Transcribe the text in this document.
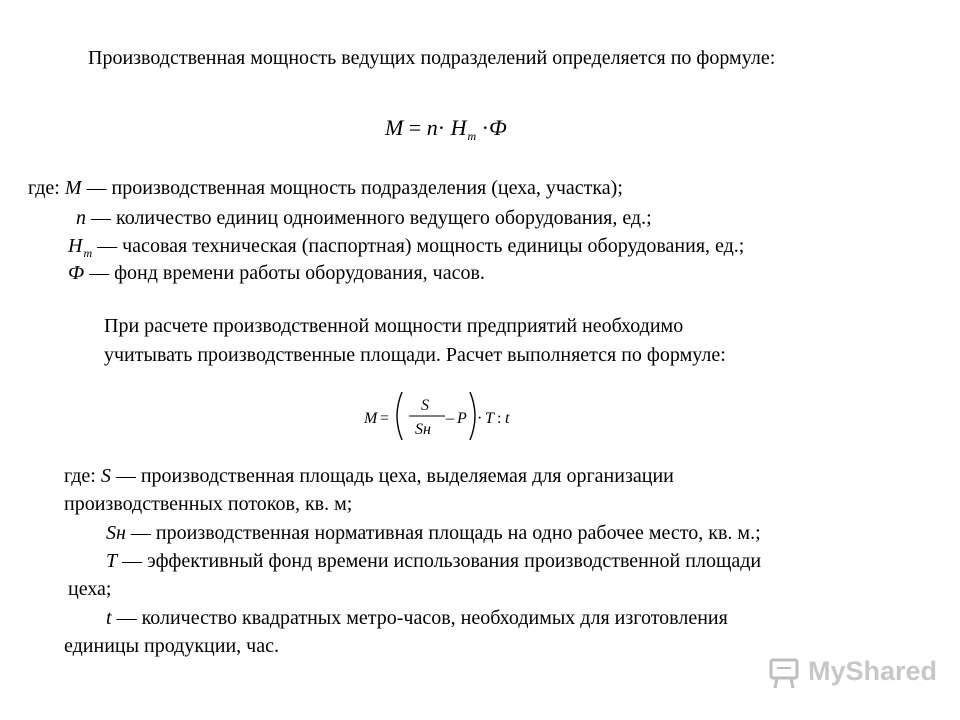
Производственная мощность ведущих подразделений определяется по формуле:
$M = n\cdot H_m \cdot Ф$
где: M — производственная мощность подразделения (цеха, участка);
n — количество единиц одноименного ведущего оборудования, ед.;
$H_m$ — часовая техническая (паспортная) мощность единицы оборудования, ед.;
Ф — фонд времени работы оборудования, часов.
При расчете производственной мощности предприятий необходимо
учитывать производственные площади. Расчет выполняется по формуле:
M =
S
Sн
– P · T : t
где: S — производственная площадь цеха, выделяемая для организации
производственных потоков, кв. м;
Sн — производственная нормативная площадь на одно рабочее место, кв. м.;
T — эффективный фонд времени использования производственной площади
цеха;
t — количество квадратных метро-часов, необходимых для изготовления
единицы продукции, час.
MyShared
